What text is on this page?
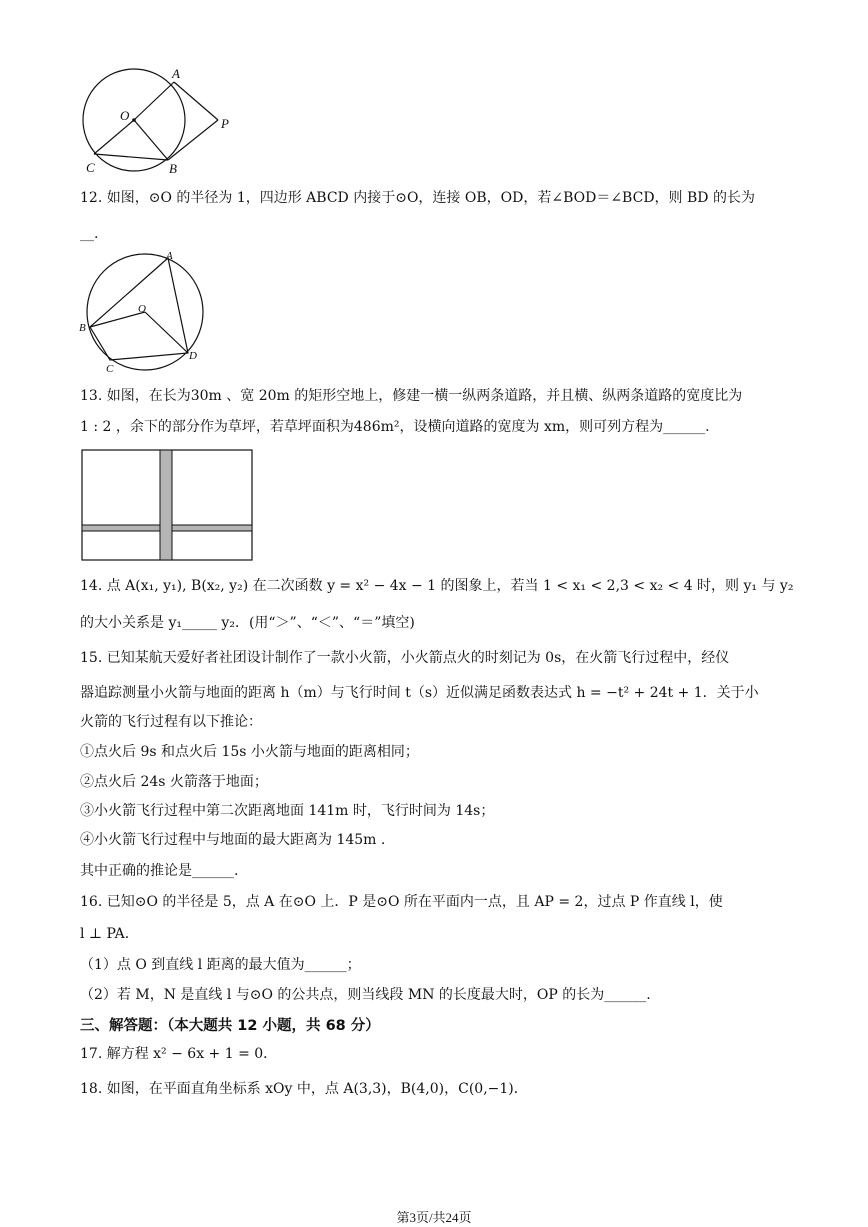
A
O
P
C	B
12. 如图，⊙O 的半径为 1，四边形 ABCD 内接于⊙O，连接 OB，OD，若∠BOD＝∠BCD，则 BD 的长为
__.
A
O
B
C
D
13. 如图，在长为30m 、宽 20m 的矩形空地上，修建一横一纵两条道路，并且横、纵两条道路的宽度比为
1 : 2 ，余下的部分作为草坪，若草坪面积为486m²，设横向道路的宽度为 xm，则可列方程为______.
14. 点 A(x₁, y₁), B(x₂, y₂) 在二次函数 y = x² − 4x − 1 的图象上，若当 1 < x₁ < 2,3 < x₂ < 4 时，则 y₁ 与 y₂
的大小关系是 y₁_____ y₂．(用“＞”、“＜”、“＝”填空)
15. 已知某航天爱好者社团设计制作了一款小火箭，小火箭点火的时刻记为 0s，在火箭飞行过程中，经仪
器追踪测量小火箭与地面的距离 h（m）与飞行时间 t（s）近似满足函数表达式 h = −t² + 24t + 1．关于小
火箭的飞行过程有以下推论：
①点火后 9s 和点火后 15s 小火箭与地面的距离相同；
②点火后 24s 火箭落于地面；
③小火箭飞行过程中第二次距离地面 141m 时，飞行时间为 14s；
④小火箭飞行过程中与地面的最大距离为 145m .
其中正确的推论是______.
16. 已知⊙O 的半径是 5，点 A 在⊙O 上．P 是⊙O 所在平面内一点，且 AP = 2，过点 P 作直线 l，使
l ⊥ PA．
（1）点 O 到直线 l 距离的最大值为______；
（2）若 M，N 是直线 l 与⊙O 的公共点，则当线段 MN 的长度最大时，OP 的长为______.
三、解答题：（本大题共 12 小题，共 68 分）
17. 解方程 x² − 6x + 1 = 0．
18. 如图，在平面直角坐标系 xOy 中，点 A(3,3)，B(4,0)，C(0,−1)．
第3页/共24页
